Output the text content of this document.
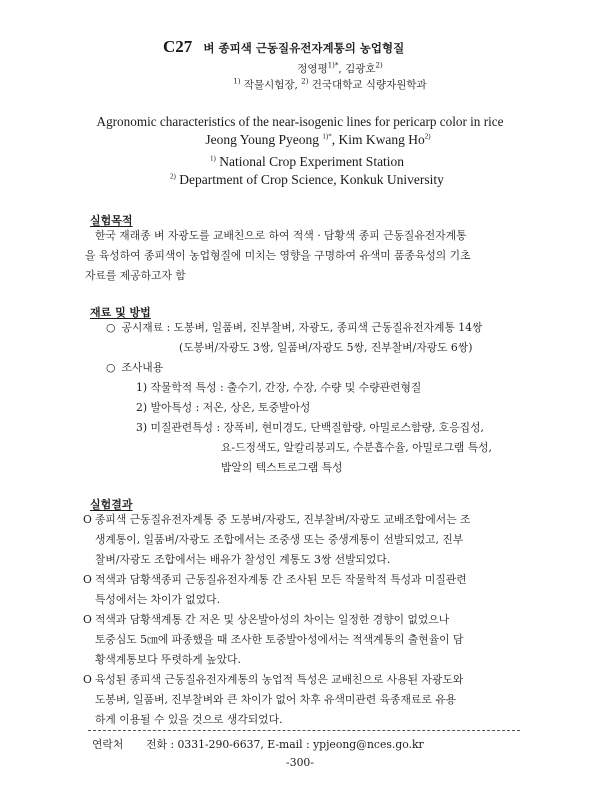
C27 벼 종피색 근동질유전자계통의 농업형질
정영평$^{1)*}$, 김광호$^{2)}$
$^{1)}$ 작물시험장, $^{2)}$ 건국대학교 식량자원학과
Agronomic characteristics of the near-isogenic lines for pericarp color in rice
Jeong Young Pyeong $^{1)*}$, Kim Kwang Ho$^{2)}$
$^{1)}$ National Crop Experiment Station
$^{2)}$ Department of Crop Science, Konkuk University
실험목적
한국 재래종 벼 자광도를 교배친으로 하여 적색 · 담황색 종피 근동질유전자계통
을 육성하여 종피색이 농업형질에 미치는 영향을 구명하여 유색미 품종육성의 기초
자료를 제공하고자 함
재료 및 방법
○ 공시재료 : 도봉벼, 일품벼, 진부찰벼, 자광도, 종피색 근동질유전자계통 14쌍
(도봉벼/자광도 3쌍, 일품벼/자광도 5쌍, 진부찰벼/자광도 6쌍)
○ 조사내용
1) 작물학적 특성 : 출수기, 간장, 수장, 수량 및 수량관련형질
2) 발아특성 : 저온, 상온, 토중발아성
3) 미질관련특성 : 장폭비, 현미경도, 단백질함량, 아밀로스함량, 호응집성,
요-드정색도, 알칼리붕괴도, 수분흡수율, 아밀로그램 특성,
밥알의 텍스트로그램 특성
실험결과
O 종피색 근동질유전자계통 중 도봉벼/자광도, 진부찰벼/자광도 교배조합에서는 조
생계통이, 일품벼/자광도 조합에서는 조중생 또는 중생계통이 선발되었고, 진부
찰벼/자광도 조합에서는 배유가 찰성인 계통도 3쌍 선발되었다.
O 적색과 담황색종피 근동질유전자계통 간 조사된 모든 작물학적 특성과 미질관련
특성에서는 차이가 없었다.
O 적색과 담황색계통 간 저온 및 상온발아성의 차이는 일정한 경향이 없었으나
토중심도 5㎝에 파종했을 때 조사한 토중발아성에서는 적색계통의 출현율이 담
황색계통보다 뚜렷하게 높았다.
O 육성된 종피색 근동질유전자계통의 농업적 특성은 교배친으로 사용된 자광도와
도봉벼, 일품벼, 진부찰벼와 큰 차이가 없어 차후 유색미관련 육종재료로 유용
하게 이용될 수 있을 것으로 생각되었다.
연락처 전화 : 0331-290-6637, E-mail : ypjeong@nces.go.kr
-300-
